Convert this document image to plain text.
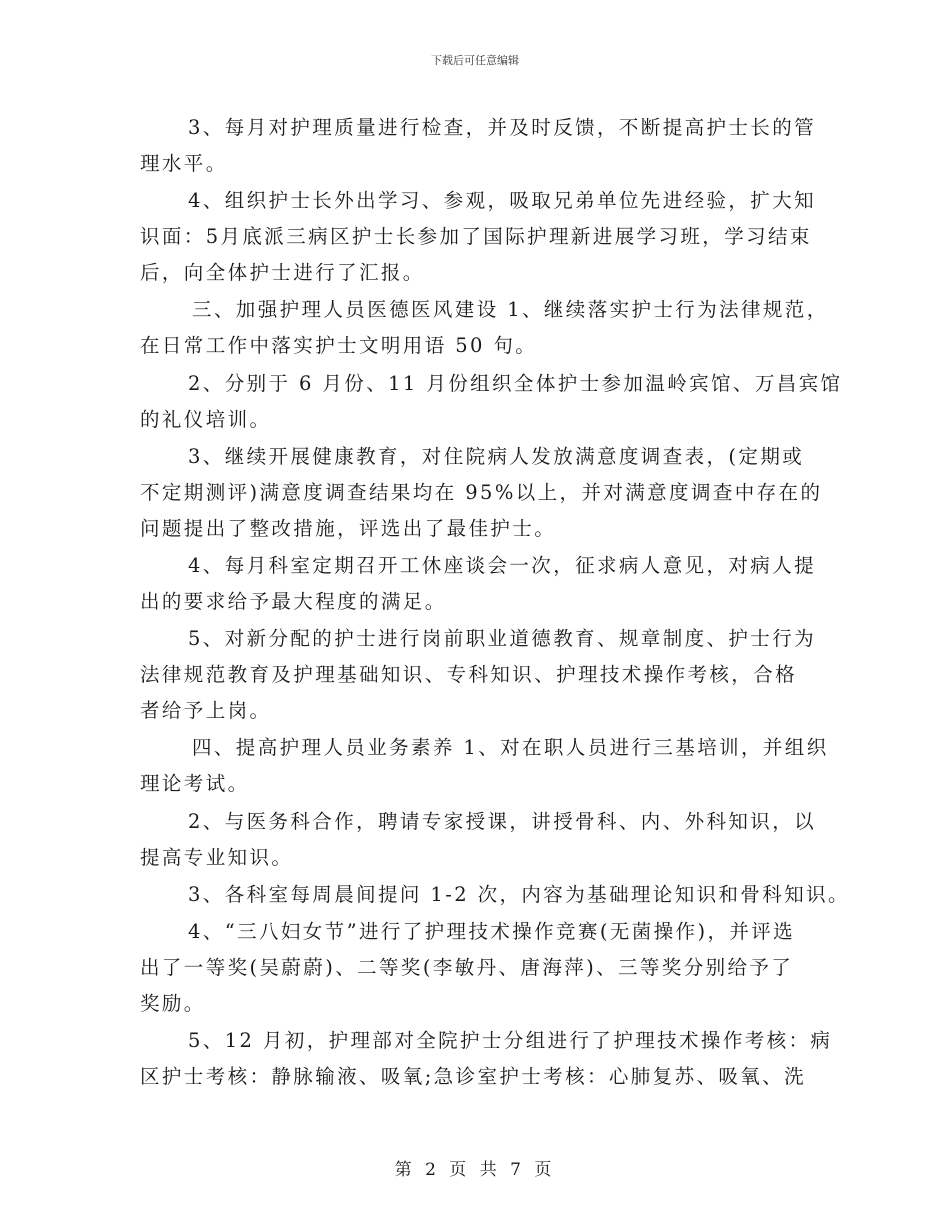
下载后可任意编辑
3、每月对护理质量进行检查，并及时反馈，不断提高护士长的管
理水平。
4、组织护士长外出学习、参观，吸取兄弟单位先进经验，扩大知
识面：5月底派三病区护士长参加了国际护理新进展学习班，学习结束
后，向全体护士进行了汇报。
三、加强护理人员医德医风建设 1、继续落实护士行为法律规范，
在日常工作中落实护士文明用语 50 句。
2、分别于 6 月份、11 月份组织全体护士参加温岭宾馆、万昌宾馆
的礼仪培训。
3、继续开展健康教育，对住院病人发放满意度调查表，(定期或
不定期测评)满意度调查结果均在 95%以上，并对满意度调查中存在的
问题提出了整改措施，评选出了最佳护士。
4、每月科室定期召开工休座谈会一次，征求病人意见，对病人提
出的要求给予最大程度的满足。
5、对新分配的护士进行岗前职业道德教育、规章制度、护士行为
法律规范教育及护理基础知识、专科知识、护理技术操作考核，合格
者给予上岗。
四、提高护理人员业务素养 1、对在职人员进行三基培训，并组织
理论考试。
2、与医务科合作，聘请专家授课，讲授骨科、内、外科知识，以
提高专业知识。
3、各科室每周晨间提问 1-2 次，内容为基础理论知识和骨科知识。
4、“三八妇女节”进行了护理技术操作竞赛(无菌操作)，并评选
出了一等奖(吴蔚蔚)、二等奖(李敏丹、唐海萍)、三等奖分别给予了
奖励。
5、12 月初，护理部对全院护士分组进行了护理技术操作考核：病
区护士考核：静脉输液、吸氧;急诊室护士考核：心肺复苏、吸氧、洗
第 2 页 共 7 页
